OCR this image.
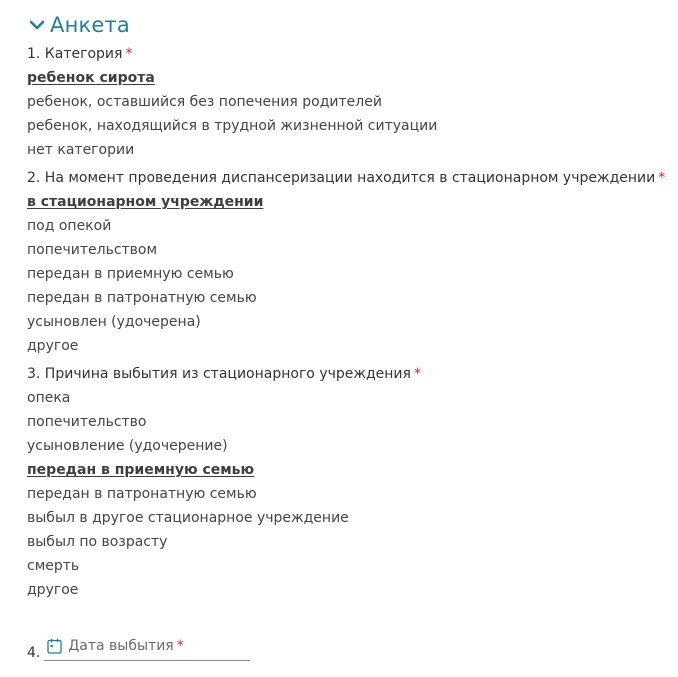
Анкета
1. Категория *
ребенок сирота
ребенок, оставшийся без попечения родителей
ребенок, находящийся в трудной жизненной ситуации
нет категории
2. На момент проведения диспансеризации находится в стационарном учреждении *
в стационарном учреждении
под опекой
попечительством
передан в приемную семью
передан в патронатную семью
усыновлен (удочерена)
другое
3. Причина выбытия из стационарного учреждения *
опека
попечительство
усыновление (удочерение)
передан в приемную семью
передан в патронатную семью
выбыл в другое стационарное учреждение
выбыл по возрасту
смерть
другое
4. Дата выбытия *
